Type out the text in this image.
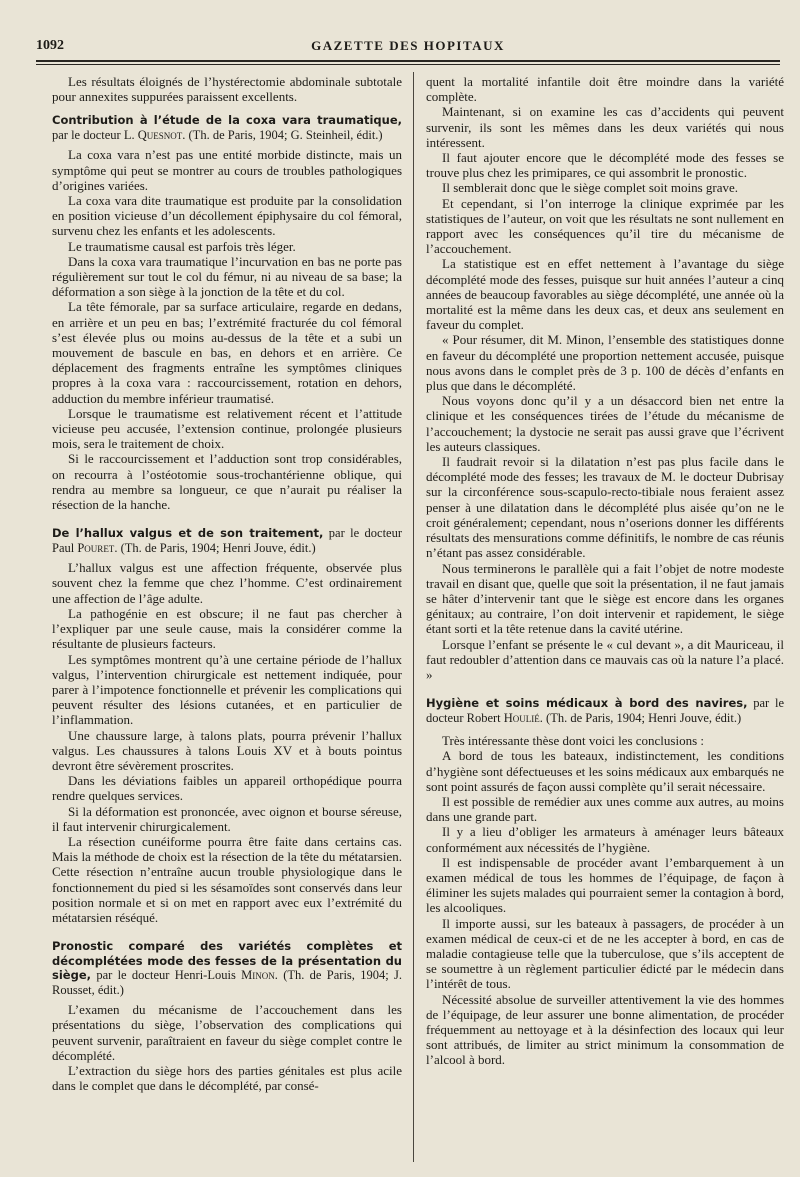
1092	GAZETTE DES HOPITAUX

Les résultats éloignés de l’hystérectomie abdominale subtotale pour annexites suppurées paraissent excellents.

Contribution à l’étude de la coxa vara traumatique, par le docteur L. Quesnot. (Th. de Paris, 1904; G. Steinheil, édit.)

La coxa vara n’est pas une entité morbide distincte, mais un symptôme qui peut se montrer au cours de troubles pathologiques d’origines variées.

La coxa vara dite traumatique est produite par la consolidation en position vicieuse d’un décollement épiphysaire du col fémoral, survenu chez les enfants et les adolescents.

Le traumatisme causal est parfois très léger.

Dans la coxa vara traumatique l’incurvation en bas ne porte pas régulièrement sur tout le col du fémur, ni au niveau de sa base; la déformation a son siège à la jonction de la tête et du col.

La tête fémorale, par sa surface articulaire, regarde en dedans, en arrière et un peu en bas; l’extrémité fracturée du col fémoral s’est élevée plus ou moins au-dessus de la tête et a subi un mouvement de bascule en bas, en dehors et en arrière. Ce déplacement des fragments entraîne les symptômes cliniques propres à la coxa vara : raccourcissement, rotation en dehors, adduction du membre inférieur traumatisé.

Lorsque le traumatisme est relativement récent et l’attitude vicieuse peu accusée, l’extension continue, prolongée plusieurs mois, sera le traitement de choix.

Si le raccourcissement et l’adduction sont trop considérables, on recourra à l’ostéotomie sous-trochantérienne oblique, qui rendra au membre sa longueur, ce que n’aurait pu réaliser la résection de la hanche.

De l’hallux valgus et de son traitement, par le docteur Paul Pouret. (Th. de Paris, 1904; Henri Jouve, édit.)

L’hallux valgus est une affection fréquente, observée plus souvent chez la femme que chez l’homme. C’est ordinairement une affection de l’âge adulte.

La pathogénie en est obscure; il ne faut pas chercher à l’expliquer par une seule cause, mais la considérer comme la résultante de plusieurs facteurs.

Les symptômes montrent qu’à une certaine période de l’hallux valgus, l’intervention chirurgicale est nettement indiquée, pour parer à l’impotence fonctionnelle et prévenir les complications qui peuvent résulter des lésions cutanées, et en particulier de l’inflammation.

Une chaussure large, à talons plats, pourra prévenir l’hallux valgus. Les chaussures à talons Louis XV et à bouts pointus devront être sévèrement proscrites.

Dans les déviations faibles un appareil orthopédique pourra rendre quelques services.

Si la déformation est prononcée, avec oignon et bourse séreuse, il faut intervenir chirurgicalement.

La résection cunéiforme pourra être faite dans certains cas. Mais la méthode de choix est la résection de la tête du métatarsien. Cette résection n’entraîne aucun trouble physiologique dans le fonctionnement du pied si les sésamoïdes sont conservés dans leur position normale et si on met en rapport avec eux l’extrémité du métatarsien réséqué.

Pronostic comparé des variétés complètes et décomplétées mode des fesses de la présentation du siège, par le docteur Henri-Louis Minon. (Th. de Paris, 1904; J. Rousset, édit.)

L’examen du mécanisme de l’accouchement dans les présentations du siège, l’observation des complications qui peuvent survenir, paraîtraient en faveur du siège complet contre le décomplété.

L’extraction du siège hors des parties génitales est plus acile dans le complet que dans le décomplété, par consé-

quent la mortalité infantile doit être moindre dans la variété complète.

Maintenant, si on examine les cas d’accidents qui peuvent survenir, ils sont les mêmes dans les deux variétés qui nous intéressent.

Il faut ajouter encore que le décomplété mode des fesses se trouve plus chez les primipares, ce qui assombrit le pronostic.

Il semblerait donc que le siège complet soit moins grave.

Et cependant, si l’on interroge la clinique exprimée par les statistiques de l’auteur, on voit que les résultats ne sont nullement en rapport avec les conséquences qu’il tire du mécanisme de l’accouchement.

La statistique est en effet nettement à l’avantage du siège décomplété mode des fesses, puisque sur huit années l’auteur a cinq années de beaucoup favorables au siège décomplété, une année où la mortalité est la même dans les deux cas, et deux ans seulement en faveur du complet.

« Pour résumer, dit M. Minon, l’ensemble des statistiques donne en faveur du décomplété une proportion nettement accusée, puisque nous avons dans le complet près de 3 p. 100 de décès d’enfants en plus que dans le décomplété.

Nous voyons donc qu’il y a un désaccord bien net entre la clinique et les conséquences tirées de l’étude du mécanisme de l’accouchement; la dystocie ne serait pas aussi grave que l’écrivent les auteurs classiques.

Il faudrait revoir si la dilatation n’est pas plus facile dans le décomplété mode des fesses; les travaux de M. le docteur Dubrisay sur la circonférence sous-scapulo-recto-tibiale nous feraient assez penser à une dilatation dans le décomplété plus aisée qu’on ne le croit généralement; cependant, nous n’oserions donner les différents résultats des mensurations comme définitifs, le nombre de cas réunis n’étant pas assez considérable.

Nous terminerons le parallèle qui a fait l’objet de notre modeste travail en disant que, quelle que soit la présentation, il ne faut jamais se hâter d’intervenir tant que le siège est encore dans les organes génitaux; au contraire, l’on doit intervenir et rapidement, le siège étant sorti et la tête retenue dans la cavité utérine.

Lorsque l’enfant se présente le « cul devant », a dit Mauriceau, il faut redoubler d’attention dans ce mauvais cas où la nature l’a placé. »

Hygiène et soins médicaux à bord des navires, par le docteur Robert Houlié. (Th. de Paris, 1904; Henri Jouve, édit.)

Très intéressante thèse dont voici les conclusions :

A bord de tous les bateaux, indistinctement, les conditions d’hygiène sont défectueuses et les soins médicaux aux embarqués ne sont point assurés de façon aussi complète qu’il serait nécessaire.

Il est possible de remédier aux unes comme aux autres, au moins dans une grande part.

Il y a lieu d’obliger les armateurs à aménager leurs bâteaux conformément aux nécessités de l’hygiène.

Il est indispensable de procéder avant l’embarquement à un examen médical de tous les hommes de l’équipage, de façon à éliminer les sujets malades qui pourraient semer la contagion à bord, les alcooliques.

Il importe aussi, sur les bateaux à passagers, de procéder à un examen médical de ceux-ci et de ne les accepter à bord, en cas de maladie contagieuse telle que la tuberculose, que s’ils acceptent de se soumettre à un règlement particulier édicté par le médecin dans l’intérêt de tous.

Nécessité absolue de surveiller attentivement la vie des hommes de l’équipage, de leur assurer une bonne alimentation, de procéder fréquemment au nettoyage et à la désinfection des locaux qui leur sont attribués, de limiter au strict minimum la consommation de l’alcool à bord.
